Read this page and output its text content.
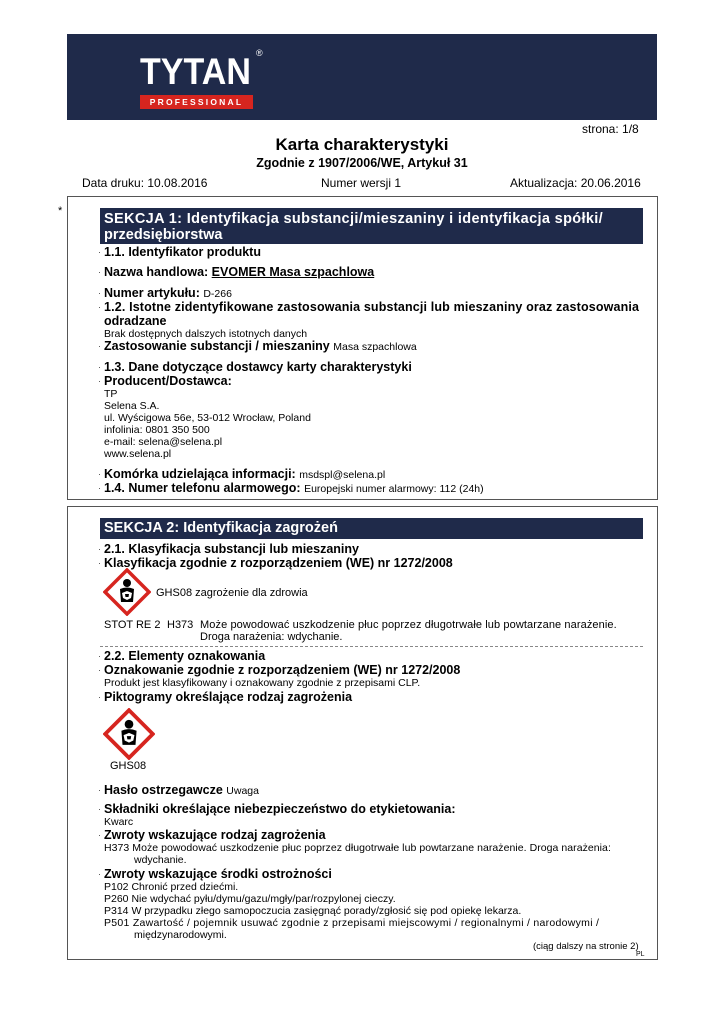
TYTAN
PROFESSIONAL
®
strona: 1/8
Karta charakterystyki
Zgodnie z 1907/2006/WE, Artykuł 31
Data druku: 10.08.2016	Numer wersji 1	Aktualizacja: 20.06.2016
*	SEKCJA 1: Identyfikacja substancji/mieszaniny i identyfikacja spółki/
przedsiębiorstwa
· 1.1. Identyfikator produktu
· Nazwa handlowa: EVOMER Masa szpachlowa
· Numer artykułu: D-266
· 1.2. Istotne zidentyfikowane zastosowania substancji lub mieszaniny oraz zastosowania
odradzane
Brak dostępnych dalszych istotnych danych
· Zastosowanie substancji / mieszaniny Masa szpachlowa
· 1.3. Dane dotyczące dostawcy karty charakterystyki
· Producent/Dostawca:
TP
Selena S.A.
ul. Wyścigowa 56e, 53-012 Wrocław, Poland
infolinia: 0801 350 500
e-mail: selena@selena.pl
www.selena.pl
· Komórka udzielająca informacji: msdspl@selena.pl
· 1.4. Numer telefonu alarmowego: Europejski numer alarmowy: 112 (24h)
SEKCJA 2: Identyfikacja zagrożeń
· 2.1. Klasyfikacja substancji lub mieszaniny
· Klasyfikacja zgodnie z rozporządzeniem (WE) nr 1272/2008
GHS08 zagrożenie dla zdrowia
STOT RE 2 H373 Może powodować uszkodzenie płuc poprzez długotrwałe lub powtarzane narażenie.
Droga narażenia: wdychanie.
· 2.2. Elementy oznakowania
· Oznakowanie zgodnie z rozporządzeniem (WE) nr 1272/2008
Produkt jest klasyfikowany i oznakowany zgodnie z przepisami CLP.
· Piktogramy określające rodzaj zagrożenia
GHS08
· Hasło ostrzegawcze Uwaga
· Składniki określające niebezpieczeństwo do etykietowania:
Kwarc
· Zwroty wskazujące rodzaj zagrożenia
H373 Może powodować uszkodzenie płuc poprzez długotrwałe lub powtarzane narażenie. Droga narażenia:
wdychanie.
· Zwroty wskazujące środki ostrożności
P102 Chronić przed dziećmi.
P260 Nie wdychać pyłu/dymu/gazu/mgły/par/rozpylonej cieczy.
P314 W przypadku złego samopoczucia zasięgnąć porady/zgłosić się pod opiekę lekarza.
P501 Zawartość / pojemnik usuwać zgodnie z przepisami miejscowymi / regionalnymi / narodowymi /
międzynarodowymi.
(ciąg dalszy na stronie 2)
PL
